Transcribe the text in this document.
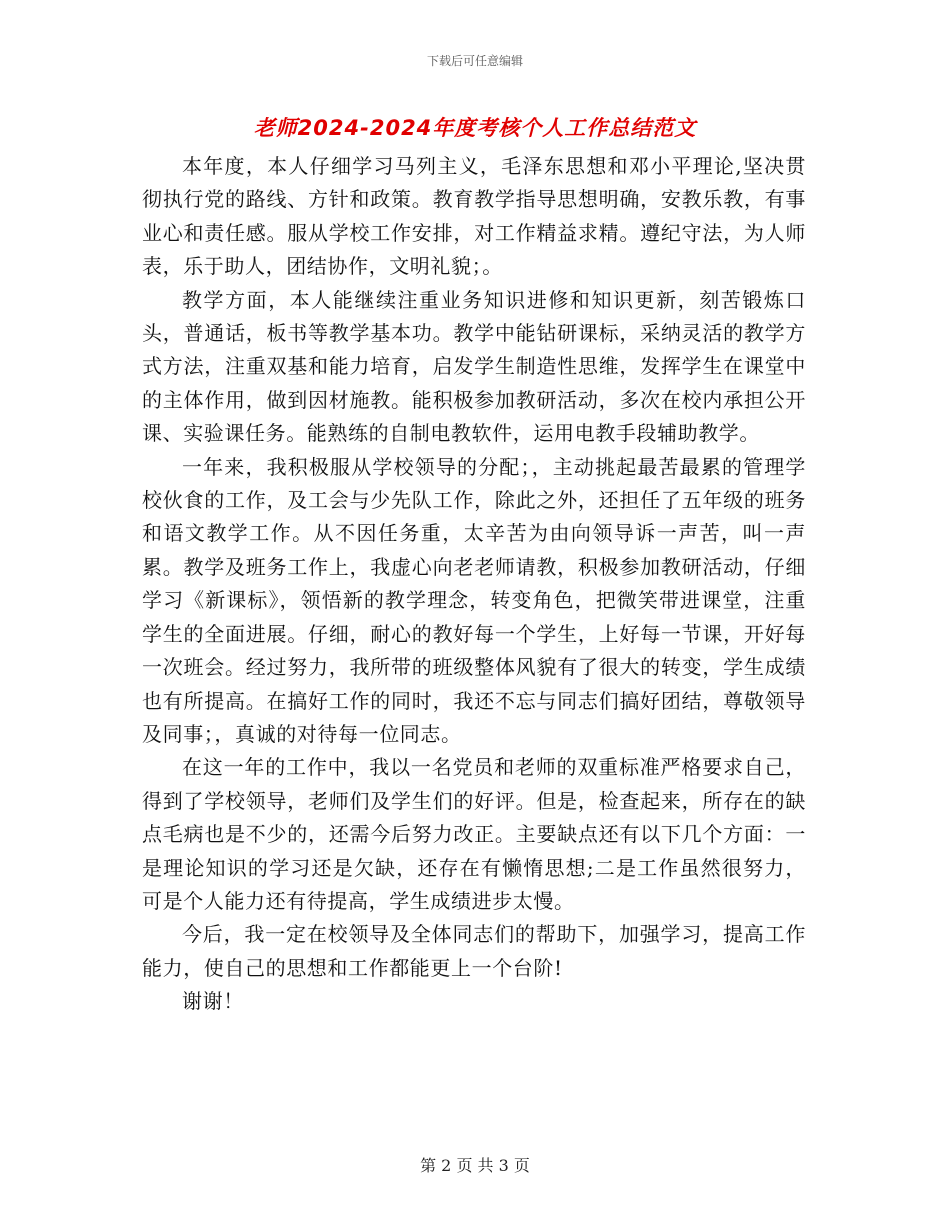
下载后可任意编辑
老师2024-2024年度考核个人工作总结范文

本年度，本人仔细学习马列主义，毛泽东思想和邓小平理论,坚决贯彻执行党的路线、方针和政策。教育教学指导思想明确，安教乐教，有事业心和责任感。服从学校工作安排，对工作精益求精。遵纪守法，为人师表，乐于助人，团结协作，文明礼貌；。

教学方面，本人能继续注重业务知识进修和知识更新，刻苦锻炼口头，普通话，板书等教学基本功。教学中能钻研课标，采纳灵活的教学方式方法，注重双基和能力培育，启发学生制造性思维，发挥学生在课堂中的主体作用，做到因材施教。能积极参加教研活动，多次在校内承担公开课、实验课任务。能熟练的自制电教软件，运用电教手段辅助教学。

一年来，我积极服从学校领导的分配；，主动挑起最苦最累的管理学校伙食的工作，及工会与少先队工作，除此之外，还担任了五年级的班务和语文教学工作。从不因任务重，太辛苦为由向领导诉一声苦，叫一声累。教学及班务工作上，我虚心向老老师请教，积极参加教研活动，仔细学习《新课标》，领悟新的教学理念，转变角色，把微笑带进课堂，注重学生的全面进展。仔细，耐心的教好每一个学生，上好每一节课，开好每一次班会。经过努力，我所带的班级整体风貌有了很大的转变，学生成绩也有所提高。在搞好工作的同时，我还不忘与同志们搞好团结，尊敬领导及同事；，真诚的对待每一位同志。

在这一年的工作中，我以一名党员和老师的双重标准严格要求自己，得到了学校领导，老师们及学生们的好评。但是，检查起来，所存在的缺点毛病也是不少的，还需今后努力改正。主要缺点还有以下几个方面：一是理论知识的学习还是欠缺，还存在有懒惰思想;二是工作虽然很努力，可是个人能力还有待提高，学生成绩进步太慢。

今后，我一定在校领导及全体同志们的帮助下，加强学习，提高工作能力，使自己的思想和工作都能更上一个台阶!

谢谢！

第 2 页 共 3 页
